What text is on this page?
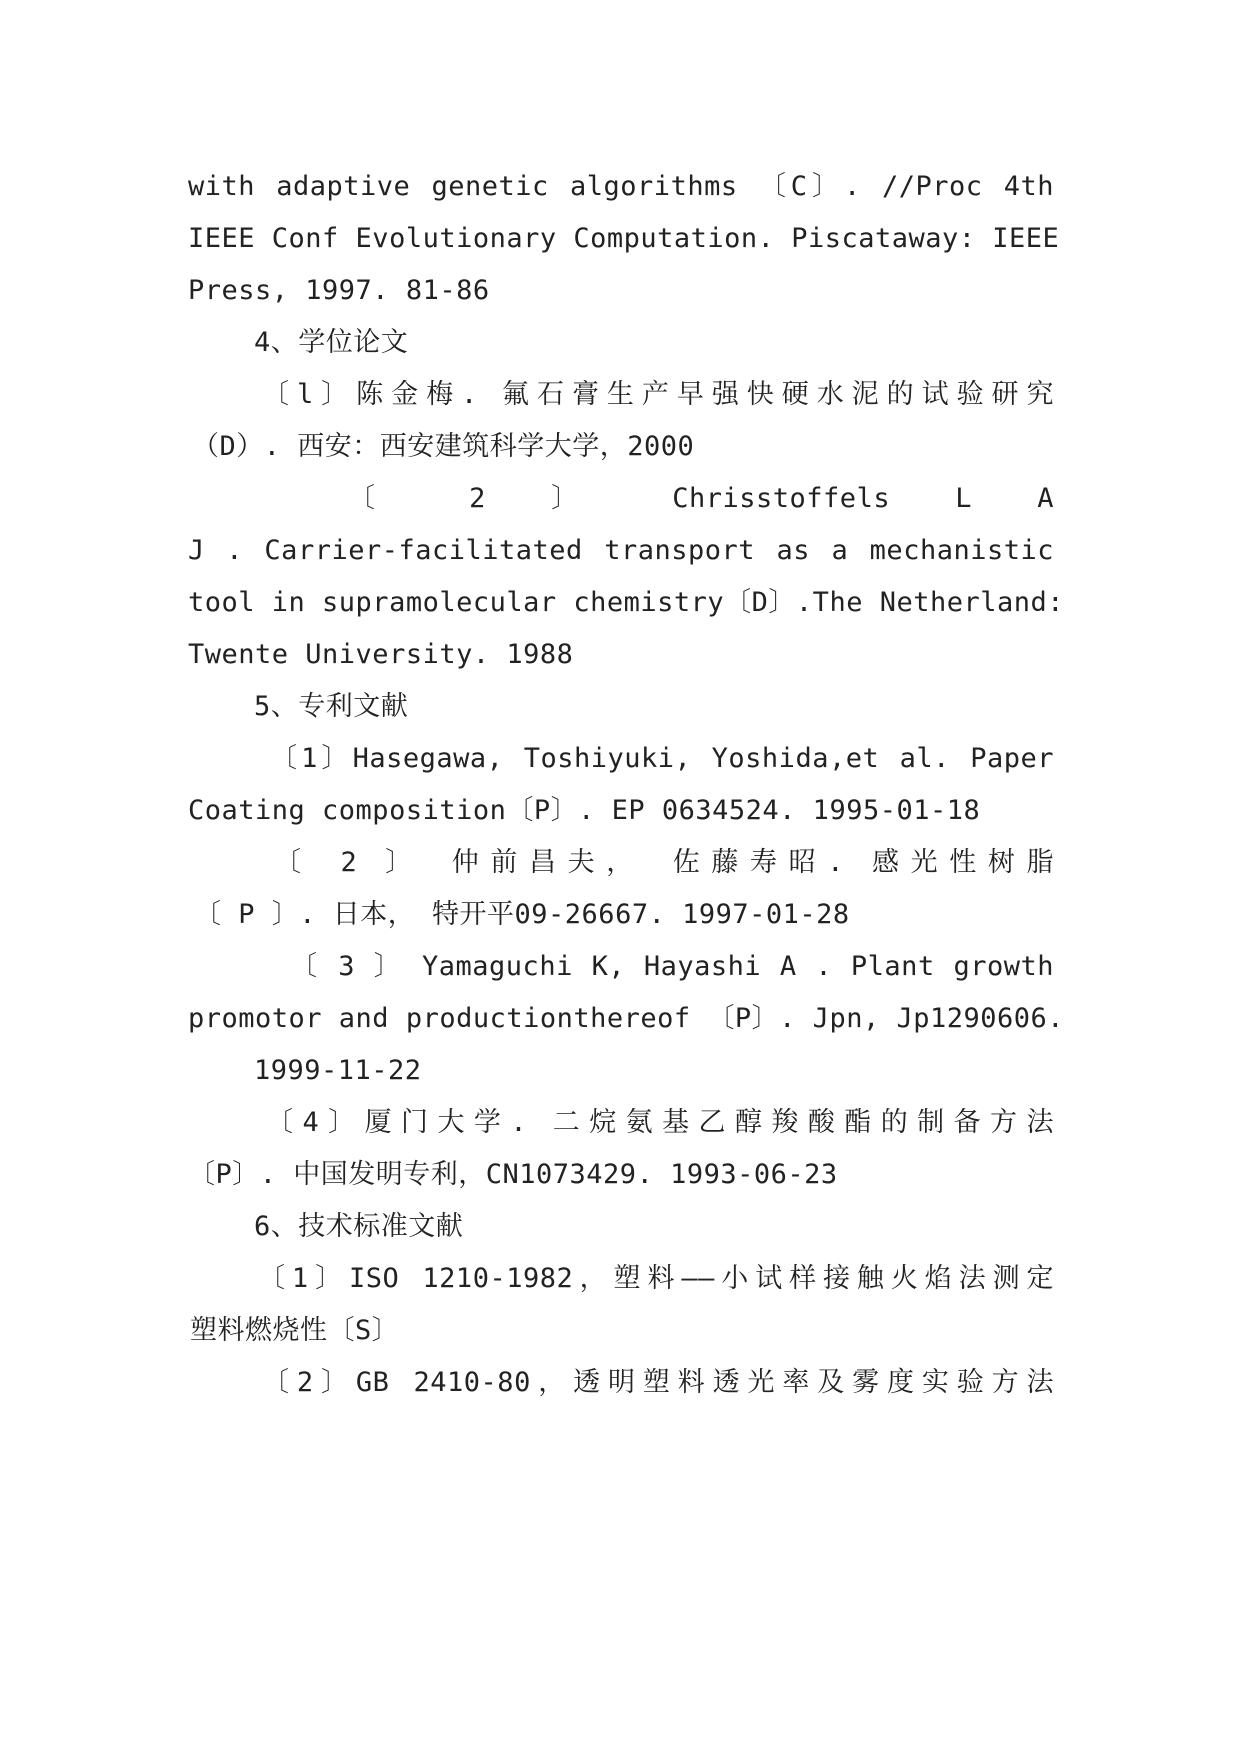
with adaptive genetic algorithms 〔C〕. //Proc 4th
IEEE Conf Evolutionary Computation. Piscataway: IEEE
Press, 1997. 81-86
4、学位论文
〔l〕陈金梅. 氟石膏生产早强快硬水泥的试验研究
（D）. 西安：西安建筑科学大学，2000
〔 2 〕 Chrisstoffels L A
J . Carrier-facilitated transport as a mechanistic
tool in supramolecular chemistry〔D〕.The Netherland:
Twente University. 1988
5、专利文献
〔1〕Hasegawa, Toshiyuki, Yoshida,et al. Paper
Coating composition〔P〕. EP 0634524. 1995-01-18
〔 2 〕 仲前昌夫， 佐藤寿昭. 感光性树脂
〔 P 〕. 日本， 特开平09-26667. 1997-01-28
〔 3 〕 Yamaguchi K, Hayashi A . Plant growth
promotor and productionthereof 〔P〕. Jpn, Jp1290606.
1999-11-22
〔4〕厦门大学. 二烷氨基乙醇羧酸酯的制备方法
〔P〕. 中国发明专利，CN1073429. 1993-06-23
6、技术标准文献
〔1〕ISO 1210-1982，塑料——小试样接触火焰法测定
塑料燃烧性〔S〕
〔2〕GB 2410-80，透明塑料透光率及雾度实验方法
